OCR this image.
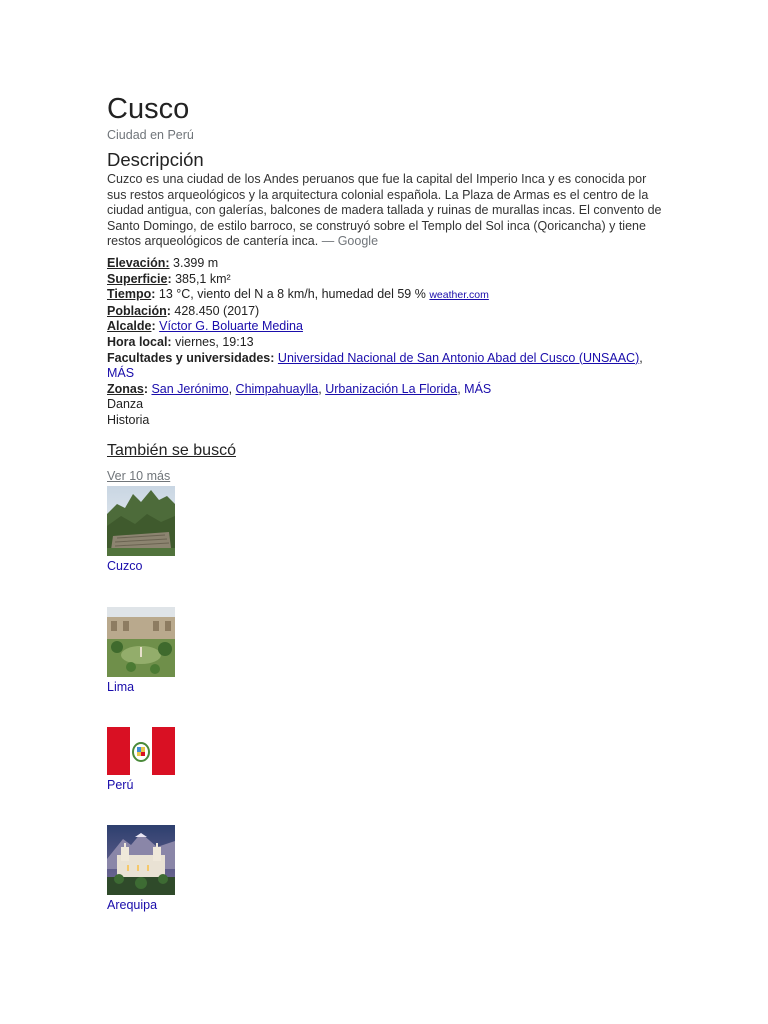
Cusco
Ciudad en Perú
Descripción
Cuzco es una ciudad de los Andes peruanos que fue la capital del Imperio Inca y es conocida por sus restos arqueológicos y la arquitectura colonial española. La Plaza de Armas es el centro de la ciudad antigua, con galerías, balcones de madera tallada y ruinas de murallas incas. El convento de Santo Domingo, de estilo barroco, se construyó sobre el Templo del Sol inca (Qoricancha) y tiene restos arqueológicos de cantería inca. — Google
Elevación: 3.399 m
Superficie: 385,1 km²
Tiempo: 13 °C, viento del N a 8 km/h, humedad del 59 % weather.com
Población: 428.450 (2017)
Alcalde: Víctor G. Boluarte Medina
Hora local: viernes, 19:13
Facultades y universidades: Universidad Nacional de San Antonio Abad del Cusco (UNSAAC), MÁS
Zonas: San Jerónimo, Chimpahuaylla, Urbanización La Florida, MÁS
Danza
Historia
También se buscó
Ver 10 más
Cuzco
Lima
Perú
Arequipa
